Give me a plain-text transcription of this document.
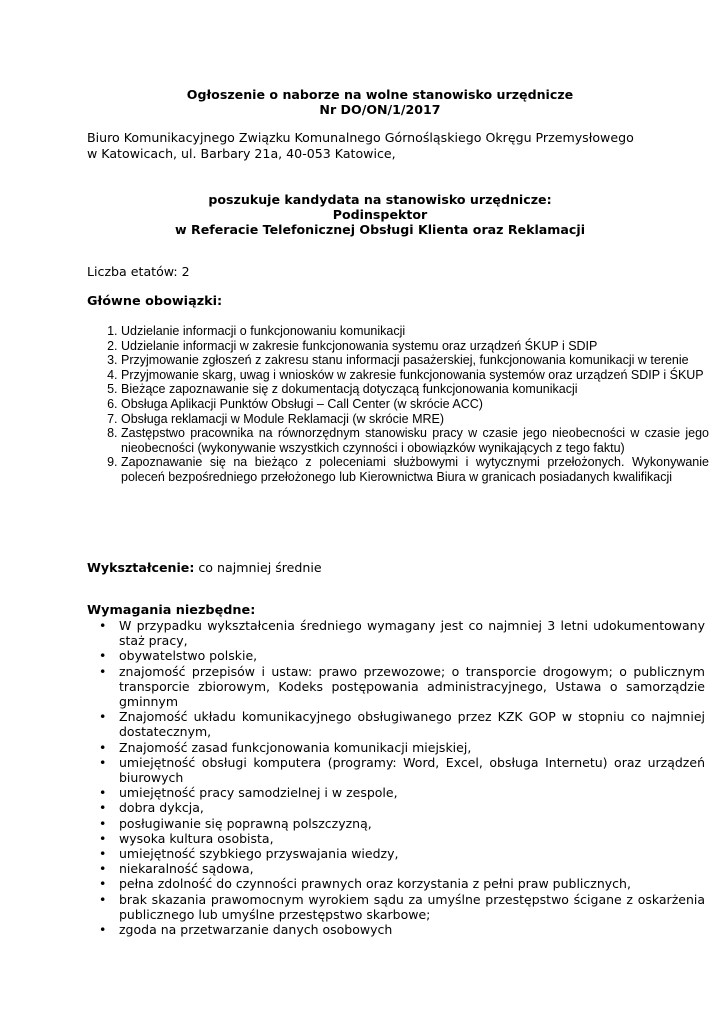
Ogłoszenie o naborze na wolne stanowisko urzędnicze
Nr DO/ON/1/2017
Biuro Komunikacyjnego Związku Komunalnego Górnośląskiego Okręgu Przemysłowego
w Katowicach, ul. Barbary 21a, 40-053 Katowice,
poszukuje kandydata na stanowisko urzędnicze:
Podinspektor
w Referacie Telefonicznej Obsługi Klienta oraz Reklamacji
Liczba etatów: 2
Główne obowiązki:
1. Udzielanie informacji o funkcjonowaniu komunikacji
2. Udzielanie informacji w zakresie funkcjonowania systemu oraz urządzeń ŚKUP i SDIP
3. Przyjmowanie zgłoszeń z zakresu stanu informacji pasażerskiej, funkcjonowania komunikacji w terenie
4. Przyjmowanie skarg, uwag i wniosków w zakresie funkcjonowania systemów oraz urządzeń SDIP i ŚKUP
5. Bieżące zapoznawanie się z dokumentacją dotyczącą funkcjonowania komunikacji
6. Obsługa Aplikacji Punktów Obsługi – Call Center (w skrócie ACC)
7. Obsługa reklamacji w Module Reklamacji (w skrócie MRE)
8. Zastępstwo pracownika na równorzędnym stanowisku pracy w czasie jego nieobecności w czasie jego nieobecności (wykonywanie wszystkich czynności i obowiązków wynikających z tego faktu)
9. Zapoznawanie się na bieżąco z poleceniami służbowymi i wytycznymi przełożonych. Wykonywanie poleceń bezpośredniego przełożonego lub Kierownictwa Biura w granicach posiadanych kwalifikacji
Wykształcenie: co najmniej średnie
Wymagania niezbędne:
• W przypadku wykształcenia średniego wymagany jest co najmniej 3 letni udokumentowany staż pracy,
• obywatelstwo polskie,
• znajomość przepisów i ustaw: prawo przewozowe; o transporcie drogowym; o publicznym transporcie zbiorowym, Kodeks postępowania administracyjnego, Ustawa o samorządzie gminnym
• Znajomość układu komunikacyjnego obsługiwanego przez KZK GOP w stopniu co najmniej dostatecznym,
• Znajomość zasad funkcjonowania komunikacji miejskiej,
• umiejętność obsługi komputera (programy: Word, Excel, obsługa Internetu) oraz urządzeń biurowych
• umiejętność pracy samodzielnej i w zespole,
• dobra dykcja,
• posługiwanie się poprawną polszczyzną,
• wysoka kultura osobista,
• umiejętność szybkiego przyswajania wiedzy,
• niekaralność sądowa,
• pełna zdolność do czynności prawnych oraz korzystania z pełni praw publicznych,
• brak skazania prawomocnym wyrokiem sądu za umyślne przestępstwo ścigane z oskarżenia publicznego lub umyślne przestępstwo skarbowe;
• zgoda na przetwarzanie danych osobowych
